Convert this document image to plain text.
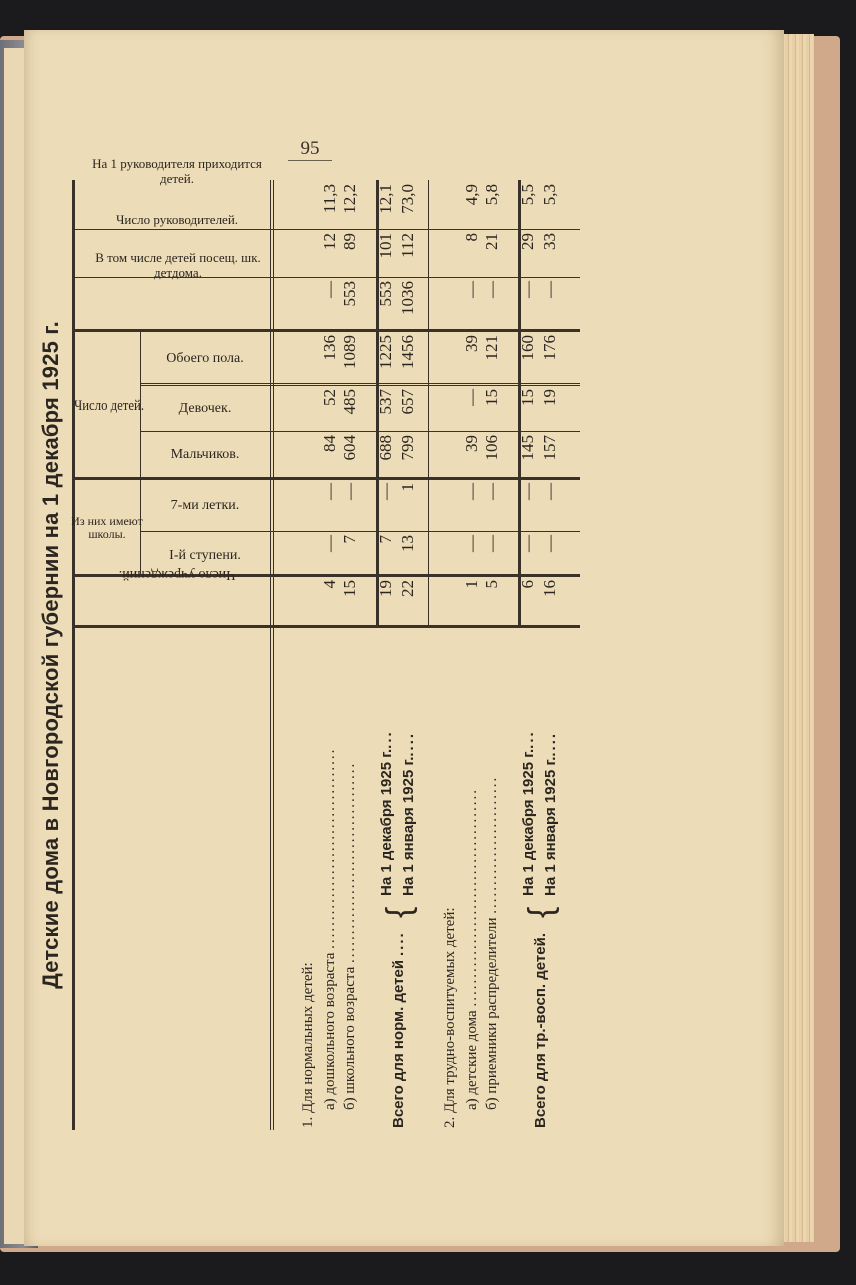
95
Детские дома в Новгородской губернии на 1 декабря 1925 г.	Число учреждений.
Из них имеют школы.
I-й ступени.
7-ми летки.
Число детей.
Мальчиков.
Девочек.
Обоего пола.
В том числе детей посещ. шк. детдома.
Число руководителей.
На 1 руководителя приходится детей.
1. Для нормальных детей: а) дошкольного возраста ...................................
б) школьного возраста ...................................
Всего для норм. детей
....
{
На 1 декабря 1925 г....
На 1 января 1925 г.....
2. Для трудно-воспитуемых детей: а) детские дома ......................................
б) приемники распределители ........................
Всего для тр.-восп. детей.
{
На 1 декабря 1925 г....
На 1 января 1925 г.....
4
—
—
84
52
136
—
12
11,3
15
7
—
604
485
1089
553
89
12,2
19
7
—
688
537
1225
553
101
12,1
22
13
1
799
657
1456
1036
112
73,0
1
—
—
39
—
39
—
8
4,9
5
—
—
106
15
121
—
21
5,8
6
—
—
145
15
160
—
29
5,5
16
—
—
157
19
176
—
33
5,3
